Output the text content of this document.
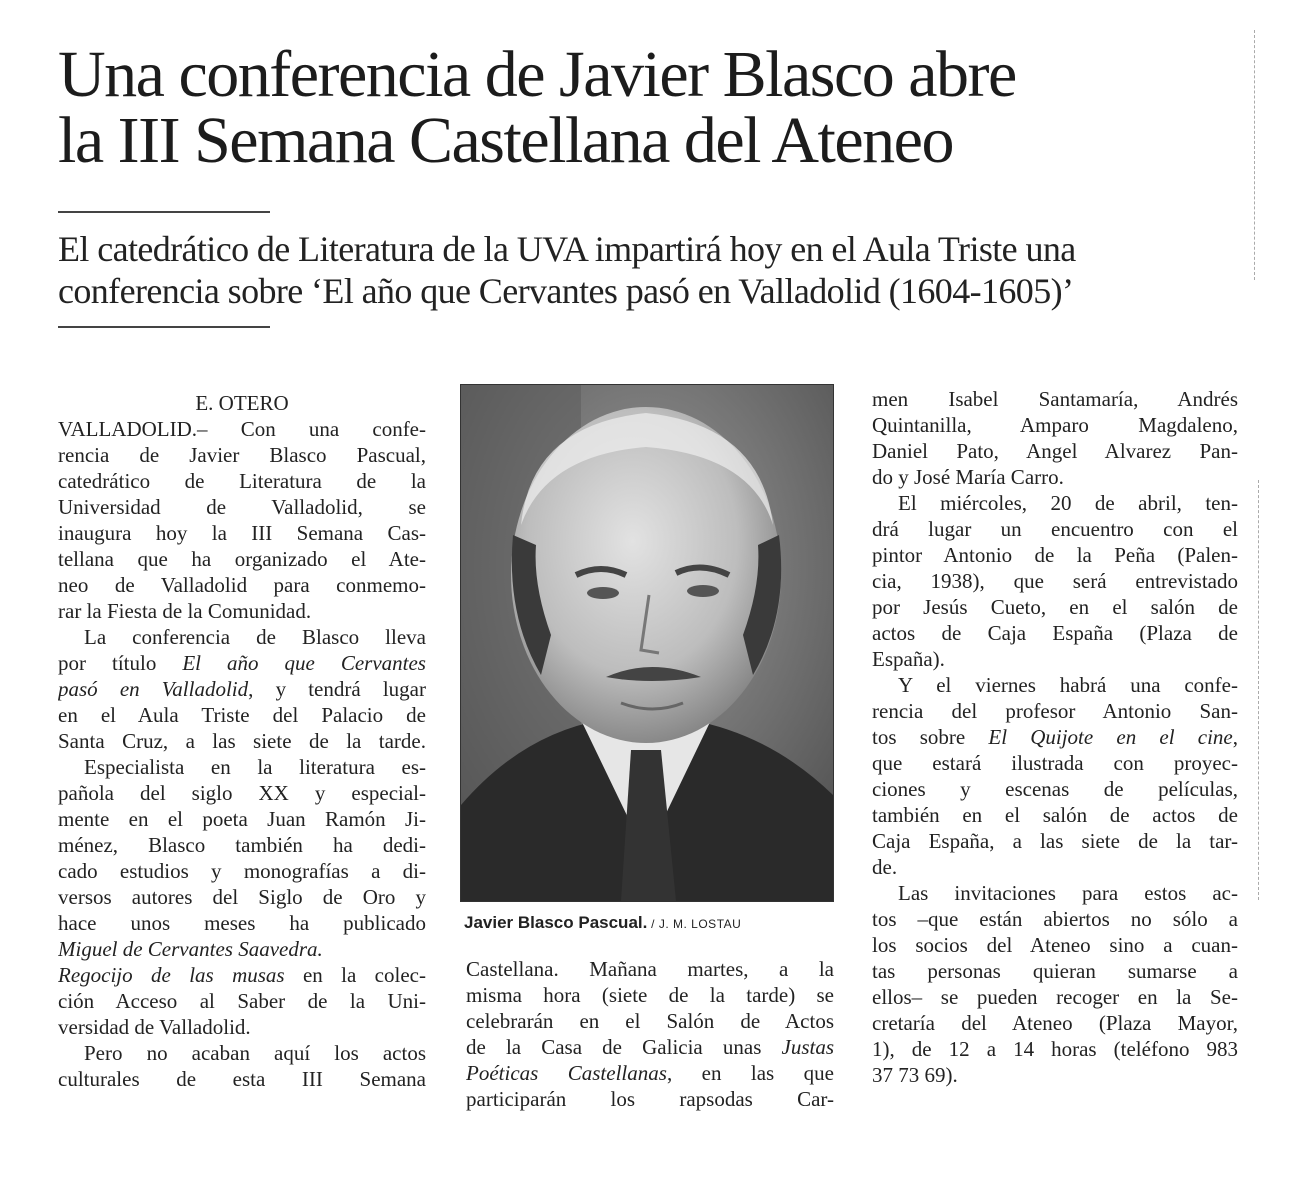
Una conferencia de Javier Blasco abre
la III Semana Castellana del Ateneo
El catedrático de Literatura de la UVA impartirá hoy en el Aula Triste una
conferencia sobre ‘El año que Cervantes pasó en Valladolid (1604-1605)’
E. OTERO
VALLADOLID.– Con una confe-
rencia de Javier Blasco Pascual,
catedrático de Literatura de la
Universidad de Valladolid, se
inaugura hoy la III Semana Cas-
tellana que ha organizado el Ate-
neo de Valladolid para conmemo-
rar la Fiesta de la Comunidad.
La conferencia de Blasco lleva
por título El año que Cervantes
pasó en Valladolid, y tendrá lugar
en el Aula Triste del Palacio de
Santa Cruz, a las siete de la tarde.
Especialista en la literatura es-
pañola del siglo XX y especial-
mente en el poeta Juan Ramón Ji-
ménez, Blasco también ha dedi-
cado estudios y monografías a di-
versos autores del Siglo de Oro y
hace unos meses ha publicado
Miguel de Cervantes Saavedra.
Regocijo de las musas en la colec-
ción Acceso al Saber de la Uni-
versidad de Valladolid.
Pero no acaban aquí los actos
culturales de esta III Semana
Javier Blasco Pascual. / J. M. LOSTAU
Castellana. Mañana martes, a la
misma hora (siete de la tarde) se
celebrarán en el Salón de Actos
de la Casa de Galicia unas Justas
Poéticas Castellanas, en las que
participarán los rapsodas Car-
men Isabel Santamaría, Andrés
Quintanilla, Amparo Magdaleno,
Daniel Pato, Angel Alvarez Pan-
do y José María Carro.
El miércoles, 20 de abril, ten-
drá lugar un encuentro con el
pintor Antonio de la Peña (Palen-
cia, 1938), que será entrevistado
por Jesús Cueto, en el salón de
actos de Caja España (Plaza de
España).
Y el viernes habrá una confe-
rencia del profesor Antonio San-
tos sobre El Quijote en el cine,
que estará ilustrada con proyec-
ciones y escenas de películas,
también en el salón de actos de
Caja España, a las siete de la tar-
de.
Las invitaciones para estos ac-
tos –que están abiertos no sólo a
los socios del Ateneo sino a cuan-
tas personas quieran sumarse a
ellos– se pueden recoger en la Se-
cretaría del Ateneo (Plaza Mayor,
1), de 12 a 14 horas (teléfono 983
37 73 69).
